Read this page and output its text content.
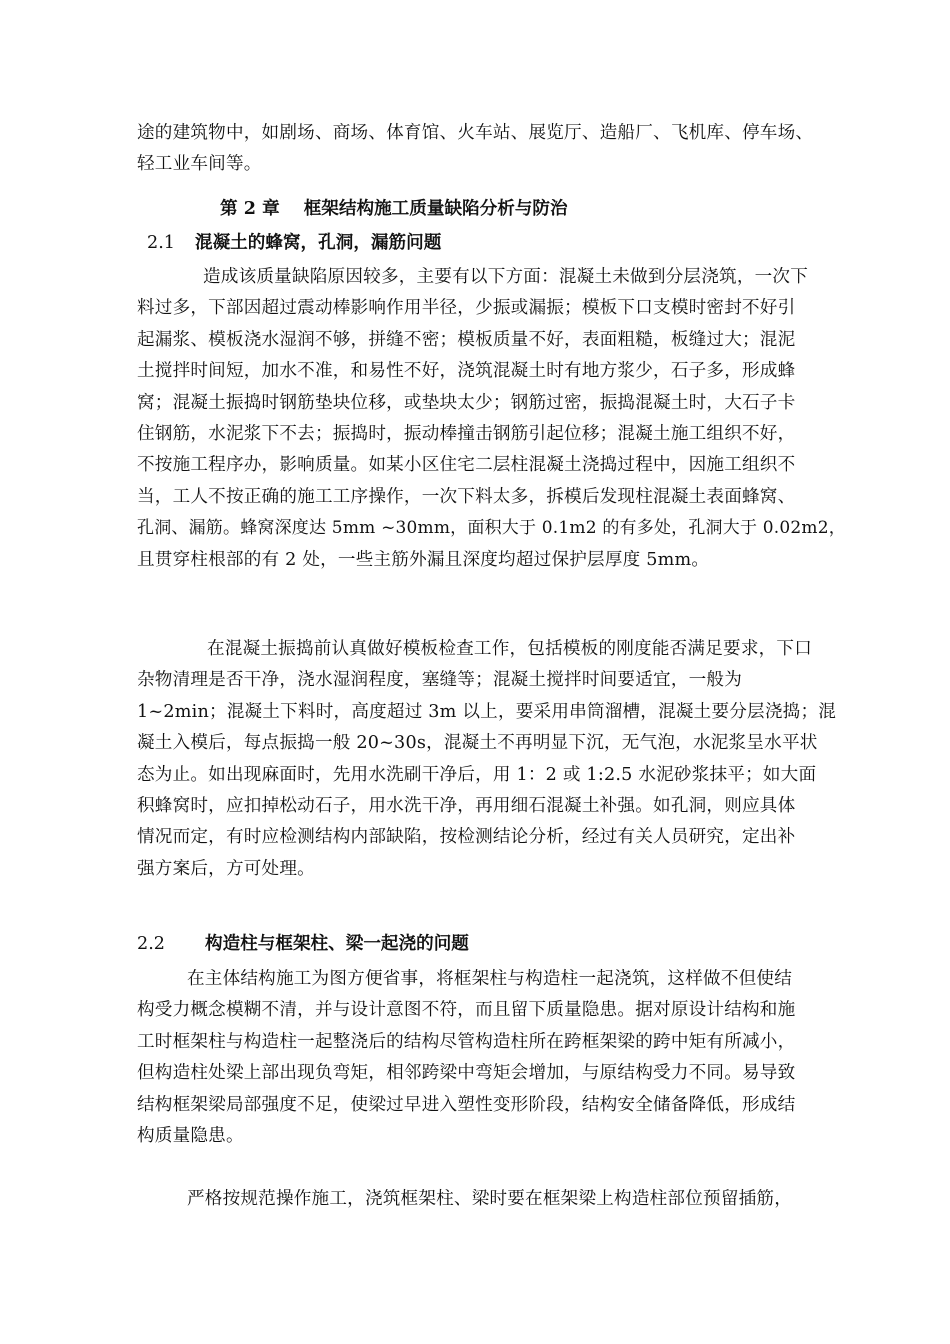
途的建筑物中，如剧场、商场、体育馆、火车站、展览厅、造船厂、飞机库、停车场、
轻工业车间等。
第 2 章 框架结构施工质量缺陷分析与防治
2.1 混凝土的蜂窝，孔洞，漏筋问题
造成该质量缺陷原因较多，主要有以下方面：混凝土未做到分层浇筑，一次下
料过多，下部因超过震动棒影响作用半径，少振或漏振；模板下口支模时密封不好引
起漏浆、模板浇水湿润不够，拼缝不密；模板质量不好，表面粗糙，板缝过大；混泥
土搅拌时间短，加水不准，和易性不好，浇筑混凝土时有地方浆少，石子多，形成蜂
窝；混凝土振捣时钢筋垫块位移，或垫块太少；钢筋过密，振捣混凝土时，大石子卡
住钢筋，水泥浆下不去；振捣时，振动棒撞击钢筋引起位移；混凝土施工组织不好，
不按施工程序办，影响质量。如某小区住宅二层柱混凝土浇捣过程中，因施工组织不
当，工人不按正确的施工工序操作，一次下料太多，拆模后发现柱混凝土表面蜂窝、
孔洞、漏筋。蜂窝深度达 5mm ~30mm，面积大于 0.1m2 的有多处，孔洞大于 0.02m2，
且贯穿柱根部的有 2 处，一些主筋外漏且深度均超过保护层厚度 5mm。
在混凝土振捣前认真做好模板检查工作，包括模板的刚度能否满足要求，下口
杂物清理是否干净，浇水湿润程度，塞缝等；混凝土搅拌时间要适宜，一般为
1~2min；混凝土下料时，高度超过 3m 以上，要采用串筒溜槽，混凝土要分层浇捣；混
凝土入模后，每点振捣一般 20~30s，混凝土不再明显下沉，无气泡，水泥浆呈水平状
态为止。如出现麻面时，先用水洗刷干净后，用 1：2 或 1:2.5 水泥砂浆抹平；如大面
积蜂窝时，应扣掉松动石子，用水洗干净，再用细石混凝土补强。如孔洞，则应具体
情况而定，有时应检测结构内部缺陷，按检测结论分析，经过有关人员研究，定出补
强方案后，方可处理。
2.2 构造柱与框架柱、梁一起浇的问题
在主体结构施工为图方便省事，将框架柱与构造柱一起浇筑，这样做不但使结
构受力概念模糊不清，并与设计意图不符，而且留下质量隐患。据对原设计结构和施
工时框架柱与构造柱一起整浇后的结构尽管构造柱所在跨框架梁的跨中矩有所减小，
但构造柱处梁上部出现负弯矩，相邻跨梁中弯矩会增加，与原结构受力不同。易导致
结构框架梁局部强度不足，使梁过早进入塑性变形阶段，结构安全储备降低，形成结
构质量隐患。
严格按规范操作施工，浇筑框架柱、梁时要在框架梁上构造柱部位预留插筋，
